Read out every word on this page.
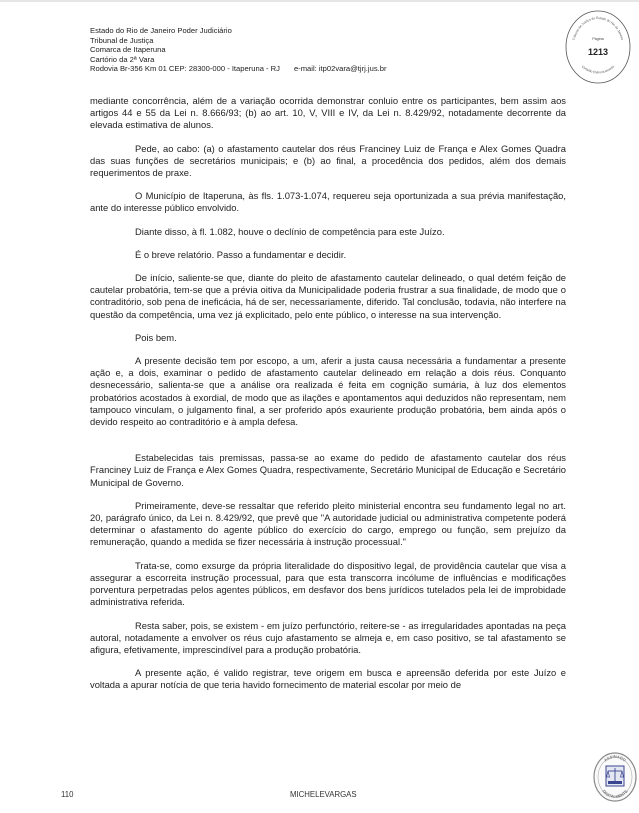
Estado do Rio de Janeiro Poder Judiciário
Tribunal de Justiça
Comarca de Itaperuna
Cartório da 2ª Vara
Rodovia Br-356 Km 01 CEP: 28300-000 - Itaperuna - RJ e-mail: itp02vara@tjrj.jus.br
Tribunal de Justiça do Estado do Rio de Janeiro
Página
1213
Certidão Eletronicamente

mediante concorrência, além de a variação ocorrida demonstrar conluio entre os participantes, bem assim aos artigos 44 e 55 da Lei n. 8.666/93; (b) ao art. 10, V, VIII e IV, da Lei n. 8.429/92, notadamente decorrente da elevada estimativa de alunos.

Pede, ao cabo: (a) o afastamento cautelar dos réus Franciney Luiz de França e Alex Gomes Quadra das suas funções de secretários municipais; e (b) ao final, a procedência dos pedidos, além dos demais requerimentos de praxe.

O Município de Itaperuna, às fls. 1.073-1.074, requereu seja oportunizada a sua prévia manifestação, ante do interesse público envolvido.

Diante disso, à fl. 1.082, houve o declínio de competência para este Juízo.

É o breve relatório. Passo a fundamentar e decidir.

De início, saliente-se que, diante do pleito de afastamento cautelar delineado, o qual detém feição de cautelar probatória, tem-se que a prévia oitiva da Municipalidade poderia frustrar a sua finalidade, de modo que o contraditório, sob pena de ineficácia, há de ser, necessariamente, diferido. Tal conclusão, todavia, não interfere na questão da competência, uma vez já explicitado, pelo ente público, o interesse na sua intervenção.

Pois bem.

A presente decisão tem por escopo, a um, aferir a justa causa necessária a fundamentar a presente ação e, a dois, examinar o pedido de afastamento cautelar delineado em relação a dois réus. Conquanto desnecessário, salienta-se que a análise ora realizada é feita em cognição sumária, à luz dos elementos probatórios acostados à exordial, de modo que as ilações e apontamentos aqui deduzidos não representam, nem tampouco vinculam, o julgamento final, a ser proferido após exauriente produção probatória, bem ainda após o devido respeito ao contraditório e à ampla defesa.

Estabelecidas tais premissas, passa-se ao exame do pedido de afastamento cautelar dos réus Franciney Luiz de França e Alex Gomes Quadra, respectivamente, Secretário Municipal de Educação e Secretário Municipal de Governo.

Primeiramente, deve-se ressaltar que referido pleito ministerial encontra seu fundamento legal no art. 20, parágrafo único, da Lei n. 8.429/92, que prevê que "A autoridade judicial ou administrativa competente poderá determinar o afastamento do agente público do exercício do cargo, emprego ou função, sem prejuízo da remuneração, quando a medida se fizer necessária à instrução processual."

Trata-se, como exsurge da própria literalidade do dispositivo legal, de providência cautelar que visa a assegurar a escorreita instrução processual, para que esta transcorra incólume de influências e modificações porventura perpetradas pelos agentes públicos, em desfavor dos bens jurídicos tutelados pela lei de improbidade administrativa referida.

Resta saber, pois, se existem - em juízo perfunctório, reitere-se - as irregularidades apontadas na peça autoral, notadamente a envolver os réus cujo afastamento se almeja e, em caso positivo, se tal afastamento se afigura, efetivamente, imprescindível para a produção probatória.

A presente ação, é valido registrar, teve origem em busca e apreensão deferida por este Juízo e voltada a apurar notícia de que teria havido fornecimento de material escolar por meio de

110	MICHELEVARGAS
ASSINADO
DIGITALMENTE
